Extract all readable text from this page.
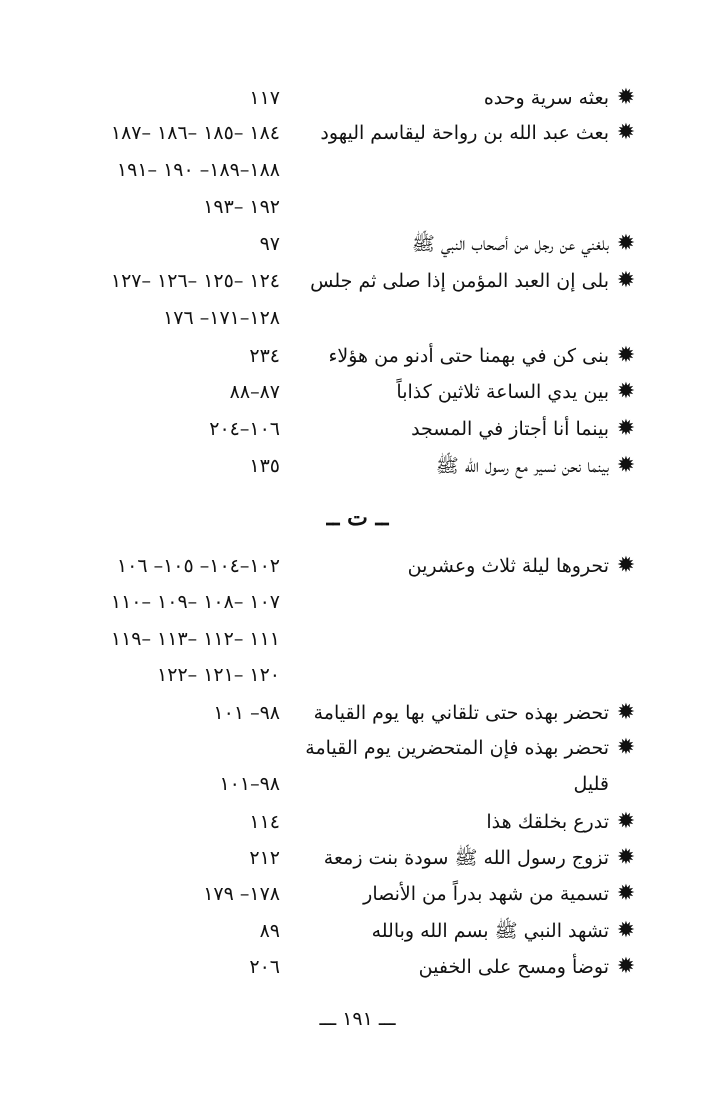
✹
بعثه سرية وحده
١١٧
✹
بعث عبد الله بن رواحة ليقاسم اليهود
١٨٤ –١٨٥ –١٨٦ –١٨٧
١٨٨–١٨٩– ١٩٠ –١٩١
١٩٢ –١٩٣
✹
بلغني عن رجل من أصحاب النبي ﷺ
٩٧
✹
بلى إن العبد المؤمن إذا صلى ثم جلس
١٢٤ –١٢٥ –١٢٦ –١٢٧
١٢٨–١٧١– ١٧٦
✹
بنى كن في بهمنا حتى أدنو من هؤلاء
٢٣٤
✹
بين يدي الساعة ثلاثين كذاباً
٨٧–٨٨
✹
بينما أنا أجتاز في المسجد
١٠٦–٢٠٤
✹
بينما نحن نسير مع رسول الله ﷺ
١٣٥
ــ ت ــ
✹
تحروها ليلة ثلاث وعشرين
١٠٢–١٠٤– ١٠٥– ١٠٦
١٠٧ –١٠٨ –١٠٩ –١١٠
١١١ –١١٢ –١١٣ –١١٩
١٢٠ –١٢١ –١٢٢
✹
تحضر بهذه حتى تلقاني بها يوم القيامة
٩٨– ١٠١
✹
تحضر بهذه فإن المتحضرين يوم القيامة
قليل
٩٨–١٠١
✹
تدرع بخلقك هذا
١١٤
✹
تزوج رسول الله ﷺ سودة بنت زمعة
٢١٢
✹
تسمية من شهد بدراً من الأنصار
١٧٨– ١٧٩
✹
تشهد النبي ﷺ بسم الله وبالله
٨٩
✹
توضأ ومسح على الخفين
٢٠٦
ـــ ١٩١ ـــ
